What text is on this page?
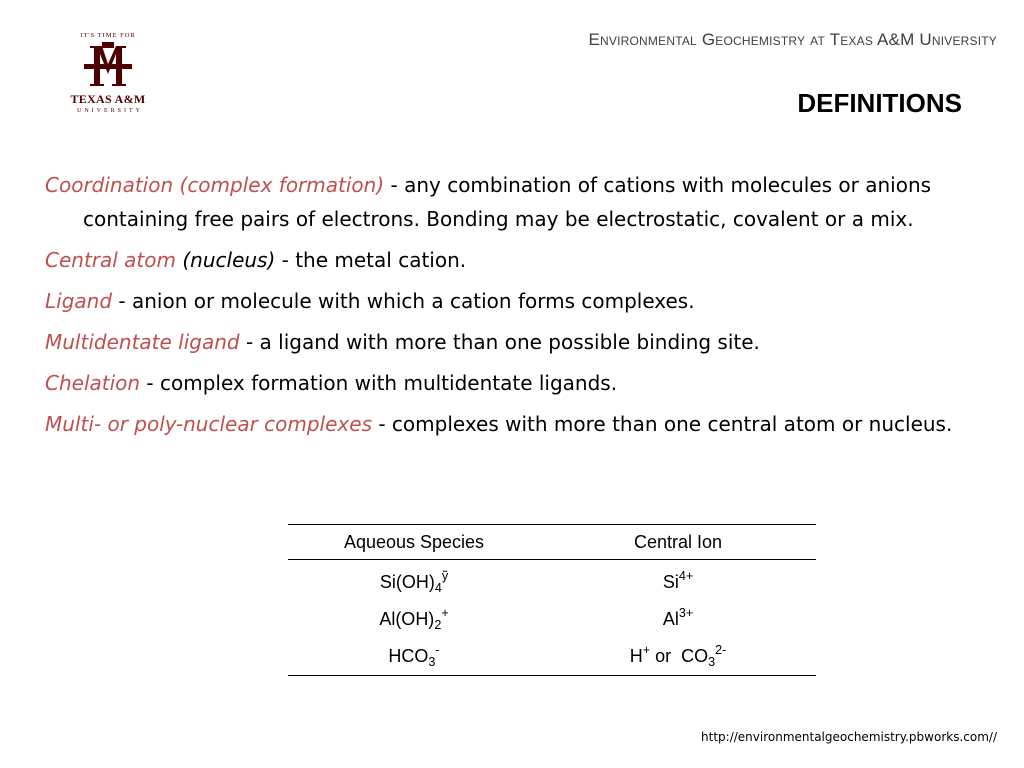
IT'S TIME FOR
TEXAS A&M
UNIVERSITY
Environmental Geochemistry at Texas A&M University
DEFINITIONS

Coordination (complex formation) - any combination of cations with molecules or anions containing free pairs of electrons. Bonding may be electrostatic, covalent or a mix.

Central atom (nucleus) - the metal cation.

Ligand - anion or molecule with which a cation forms complexes.

Multidentate ligand - a ligand with more than one possible binding site.

Chelation - complex formation with multidentate ligands.

Multi- or poly-nuclear complexes - complexes with more than one central atom or nucleus.

Aqueous Species	Central Ion
$Si(OH)_4^ỹ$	$Si^{4+}$
$Al(OH)_2^+$	$Al^{3+}$
$HCO_3^-$	H+ or  $CO_3^{2-}$
http://environmentalgeochemistry.pbworks.com//
